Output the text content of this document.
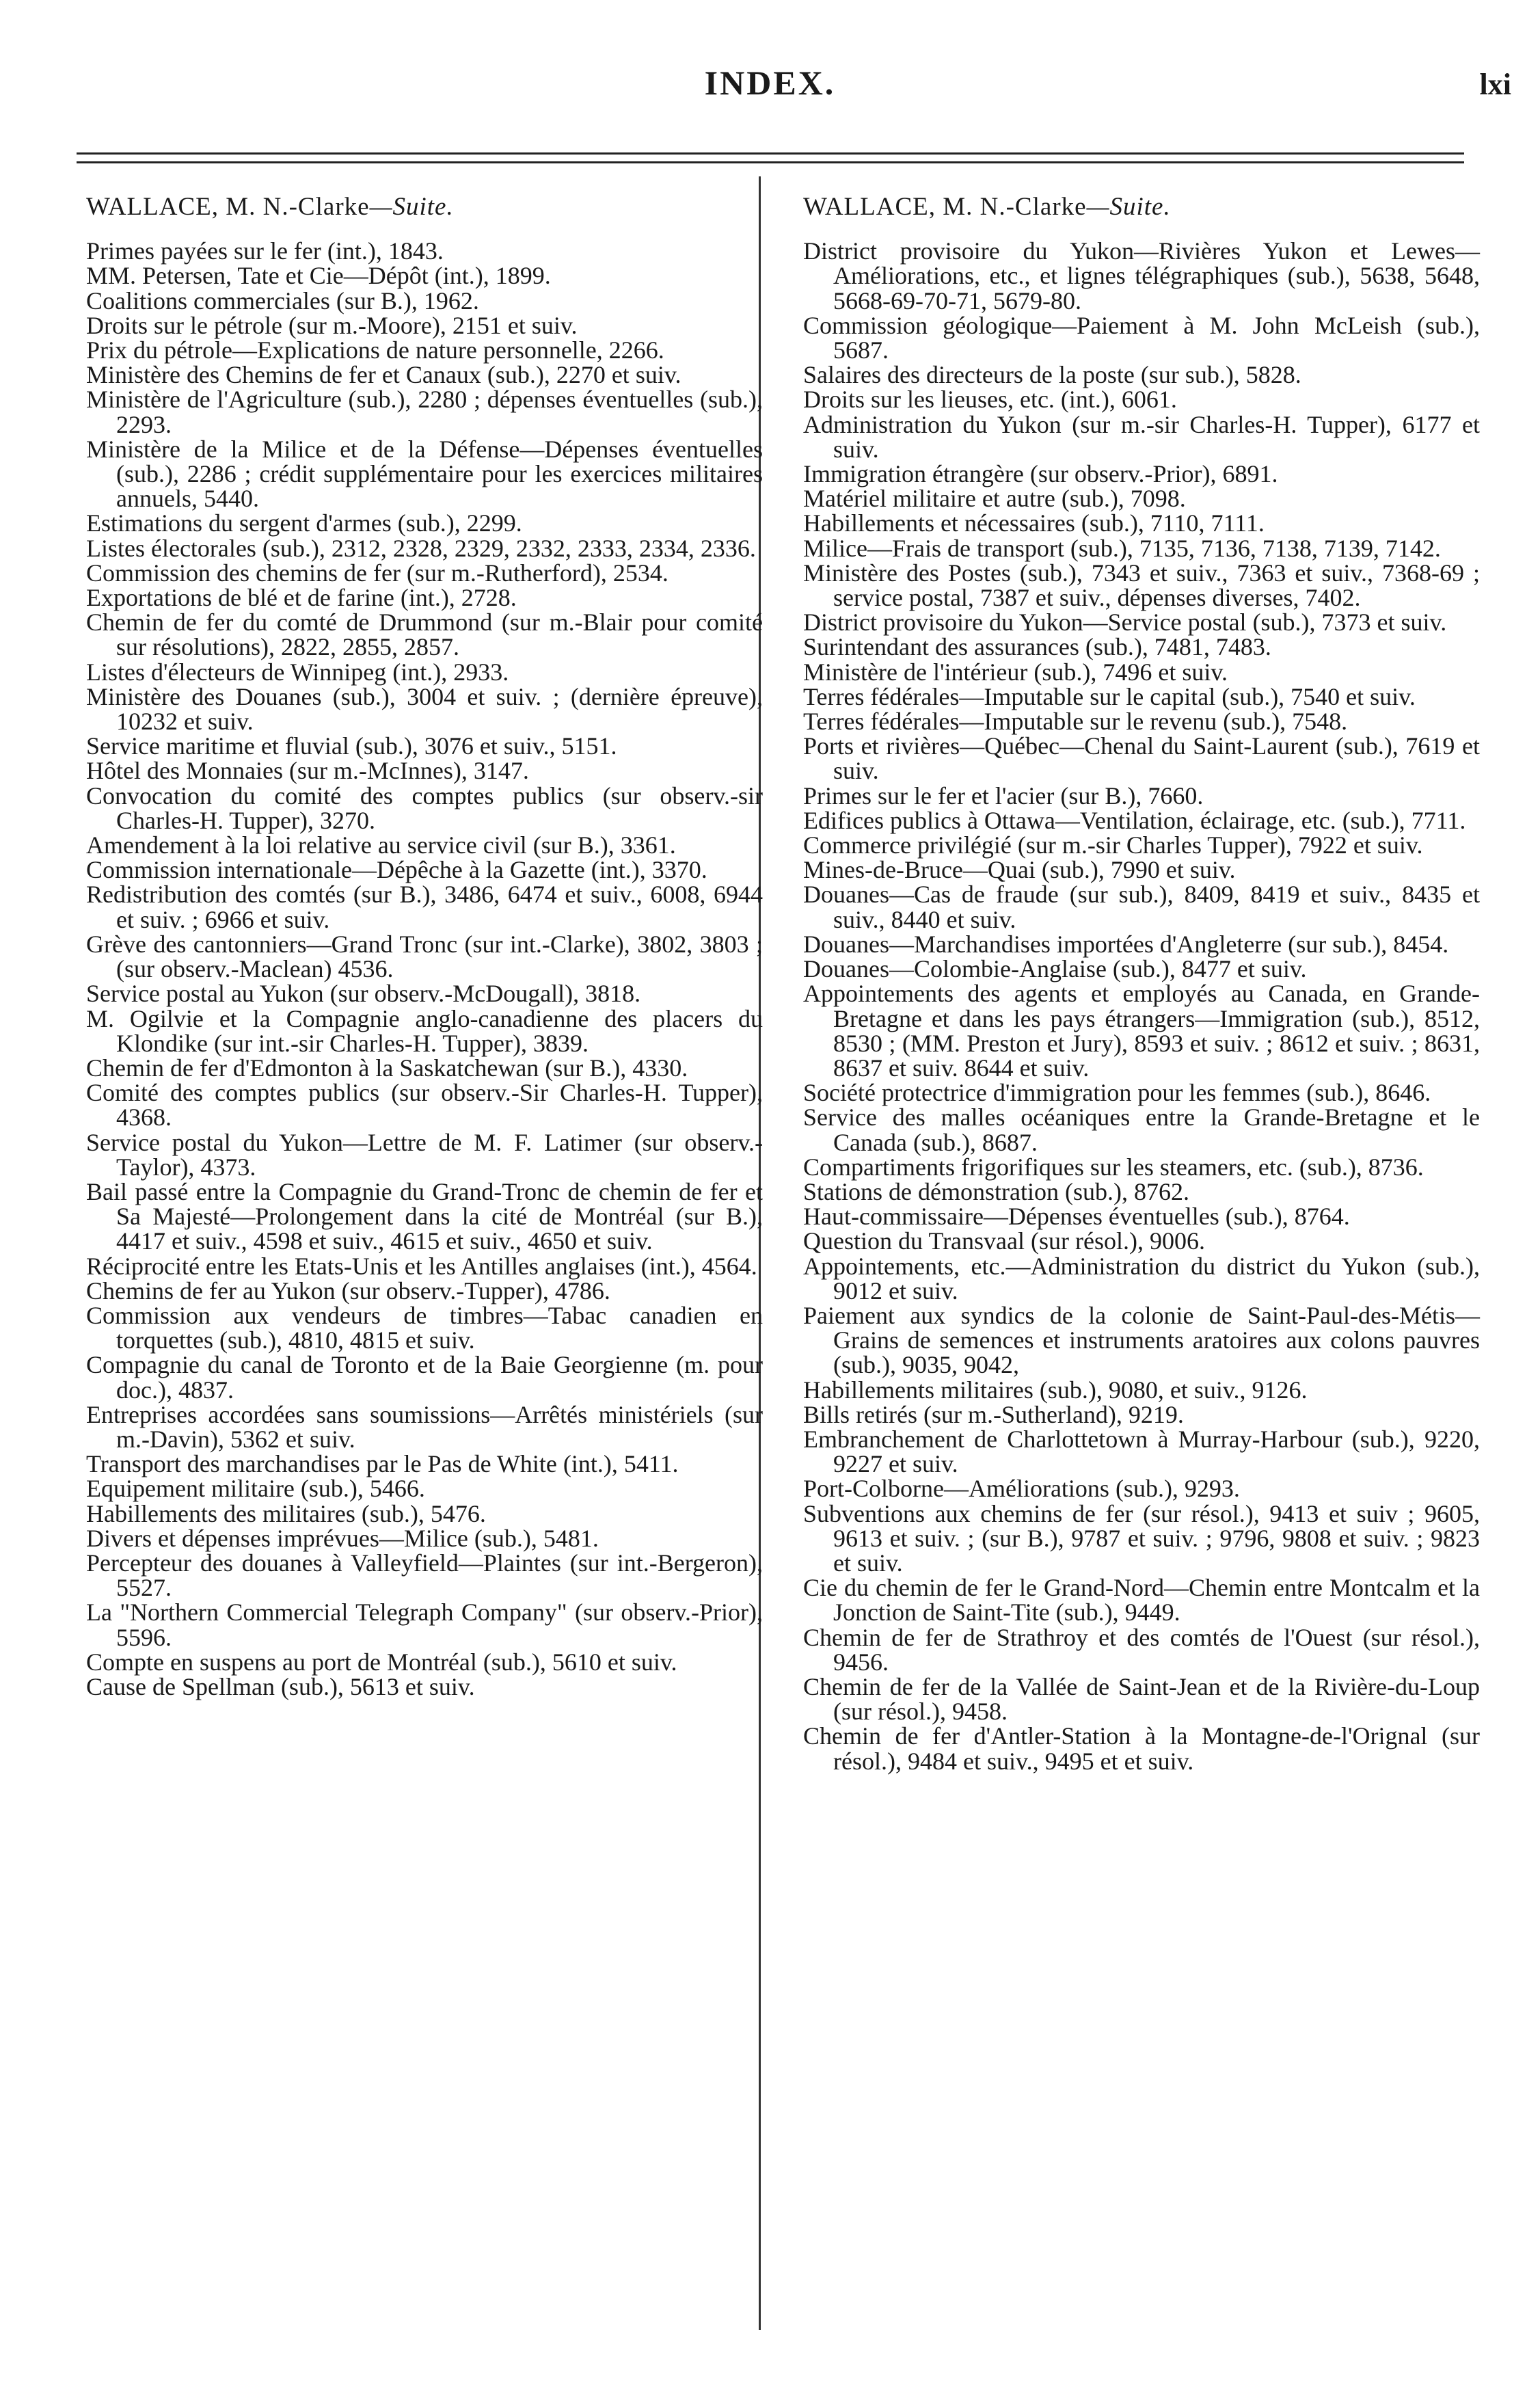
INDEX.	lxi
WALLACE, M. N.-Clarke—Suite.
Primes payées sur le fer (int.), 1843.
MM. Petersen, Tate et Cie—Dépôt (int.), 1899.
Coalitions commerciales (sur B.), 1962.
Droits sur le pétrole (sur m.-Moore), 2151 et suiv.
Prix du pétrole—Explications de nature personnelle, 2266.
Ministère des Chemins de fer et Canaux (sub.), 2270 et suiv.
Ministère de l'Agriculture (sub.), 2280 ; dépenses éventuelles (sub.), 2293.
Ministère de la Milice et de la Défense—Dépenses éventuelles (sub.), 2286 ; crédit supplémentaire pour les exercices militaires annuels, 5440.
Estimations du sergent d'armes (sub.), 2299.
Listes électorales (sub.), 2312, 2328, 2329, 2332, 2333, 2334, 2336.
Commission des chemins de fer (sur m.-Rutherford), 2534.
Exportations de blé et de farine (int.), 2728.
Chemin de fer du comté de Drummond (sur m.-Blair pour comité sur résolutions), 2822, 2855, 2857.
Listes d'électeurs de Winnipeg (int.), 2933.
Ministère des Douanes (sub.), 3004 et suiv. ; (dernière épreuve), 10232 et suiv.
Service maritime et fluvial (sub.), 3076 et suiv., 5151.
Hôtel des Monnaies (sur m.-McInnes), 3147.
Convocation du comité des comptes publics (sur observ.-sir Charles-H. Tupper), 3270.
Amendement à la loi relative au service civil (sur B.), 3361.
Commission internationale—Dépêche à la Gazette (int.), 3370.
Redistribution des comtés (sur B.), 3486, 6474 et suiv., 6008, 6944 et suiv. ; 6966 et suiv.
Grève des cantonniers—Grand Tronc (sur int.-Clarke), 3802, 3803 ; (sur observ.-Maclean) 4536.
Service postal au Yukon (sur observ.-McDougall), 3818.
M. Ogilvie et la Compagnie anglo-canadienne des placers du Klondike (sur int.-sir Charles-H. Tupper), 3839.
Chemin de fer d'Edmonton à la Saskatchewan (sur B.), 4330.
Comité des comptes publics (sur observ.-Sir Charles-H. Tupper), 4368.
Service postal du Yukon—Lettre de M. F. Latimer (sur observ.-Taylor), 4373.
Bail passé entre la Compagnie du Grand-Tronc de chemin de fer et Sa Majesté—Prolongement dans la cité de Montréal (sur B.), 4417 et suiv., 4598 et suiv., 4615 et suiv., 4650 et suiv.
Réciprocité entre les Etats-Unis et les Antilles anglaises (int.), 4564.
Chemins de fer au Yukon (sur observ.-Tupper), 4786.
Commission aux vendeurs de timbres—Tabac canadien en torquettes (sub.), 4810, 4815 et suiv.
Compagnie du canal de Toronto et de la Baie Georgienne (m. pour doc.), 4837.
Entreprises accordées sans soumissions—Arrêtés ministériels (sur m.-Davin), 5362 et suiv.
Transport des marchandises par le Pas de White (int.), 5411.
Equipement militaire (sub.), 5466.
Habillements des militaires (sub.), 5476.
Divers et dépenses imprévues—Milice (sub.), 5481.
Percepteur des douanes à Valleyfield—Plaintes (sur int.-Bergeron), 5527.
La "Northern Commercial Telegraph Company" (sur observ.-Prior), 5596.
Compte en suspens au port de Montréal (sub.), 5610 et suiv.
Cause de Spellman (sub.), 5613 et suiv.
WALLACE, M. N.-Clarke—Suite.
District provisoire du Yukon—Rivières Yukon et Lewes—Améliorations, etc., et lignes télégraphiques (sub.), 5638, 5648, 5668-69-70-71, 5679-80.
Commission géologique—Paiement à M. John McLeish (sub.), 5687.
Salaires des directeurs de la poste (sur sub.), 5828.
Droits sur les lieuses, etc. (int.), 6061.
Administration du Yukon (sur m.-sir Charles-H. Tupper), 6177 et suiv.
Immigration étrangère (sur observ.-Prior), 6891.
Matériel militaire et autre (sub.), 7098.
Habillements et nécessaires (sub.), 7110, 7111.
Milice—Frais de transport (sub.), 7135, 7136, 7138, 7139, 7142.
Ministère des Postes (sub.), 7343 et suiv., 7363 et suiv., 7368-69 ; service postal, 7387 et suiv., dépenses diverses, 7402.
District provisoire du Yukon—Service postal (sub.), 7373 et suiv.
Surintendant des assurances (sub.), 7481, 7483.
Ministère de l'intérieur (sub.), 7496 et suiv.
Terres fédérales—Imputable sur le capital (sub.), 7540 et suiv.
Terres fédérales—Imputable sur le revenu (sub.), 7548.
Ports et rivières—Québec—Chenal du Saint-Laurent (sub.), 7619 et suiv.
Primes sur le fer et l'acier (sur B.), 7660.
Edifices publics à Ottawa—Ventilation, éclairage, etc. (sub.), 7711.
Commerce privilégié (sur m.-sir Charles Tupper), 7922 et suiv.
Mines-de-Bruce—Quai (sub.), 7990 et suiv.
Douanes—Cas de fraude (sur sub.), 8409, 8419 et suiv., 8435 et suiv., 8440 et suiv.
Douanes—Marchandises importées d'Angleterre (sur sub.), 8454.
Douanes—Colombie-Anglaise (sub.), 8477 et suiv.
Appointements des agents et employés au Canada, en Grande-Bretagne et dans les pays étrangers—Immigration (sub.), 8512, 8530 ; (MM. Preston et Jury), 8593 et suiv. ; 8612 et suiv. ; 8631, 8637 et suiv. 8644 et suiv.
Société protectrice d'immigration pour les femmes (sub.), 8646.
Service des malles océaniques entre la Grande-Bretagne et le Canada (sub.), 8687.
Compartiments frigorifiques sur les steamers, etc. (sub.), 8736.
Stations de démonstration (sub.), 8762.
Haut-commissaire—Dépenses éventuelles (sub.), 8764.
Question du Transvaal (sur résol.), 9006.
Appointements, etc.—Administration du district du Yukon (sub.), 9012 et suiv.
Paiement aux syndics de la colonie de Saint-Paul-des-Métis—Grains de semences et instruments aratoires aux colons pauvres (sub.), 9035, 9042,
Habillements militaires (sub.), 9080, et suiv., 9126.
Bills retirés (sur m.-Sutherland), 9219.
Embranchement de Charlottetown à Murray-Harbour (sub.), 9220, 9227 et suiv.
Port-Colborne—Améliorations (sub.), 9293.
Subventions aux chemins de fer (sur résol.), 9413 et suiv ; 9605, 9613 et suiv. ; (sur B.), 9787 et suiv. ; 9796, 9808 et suiv. ; 9823 et suiv.
Cie du chemin de fer le Grand-Nord—Chemin entre Montcalm et la Jonction de Saint-Tite (sub.), 9449.
Chemin de fer de Strathroy et des comtés de l'Ouest (sur résol.), 9456.
Chemin de fer de la Vallée de Saint-Jean et de la Rivière-du-Loup (sur résol.), 9458.
Chemin de fer d'Antler-Station à la Montagne-de-l'Orignal (sur résol.), 9484 et suiv., 9495 et et suiv.
